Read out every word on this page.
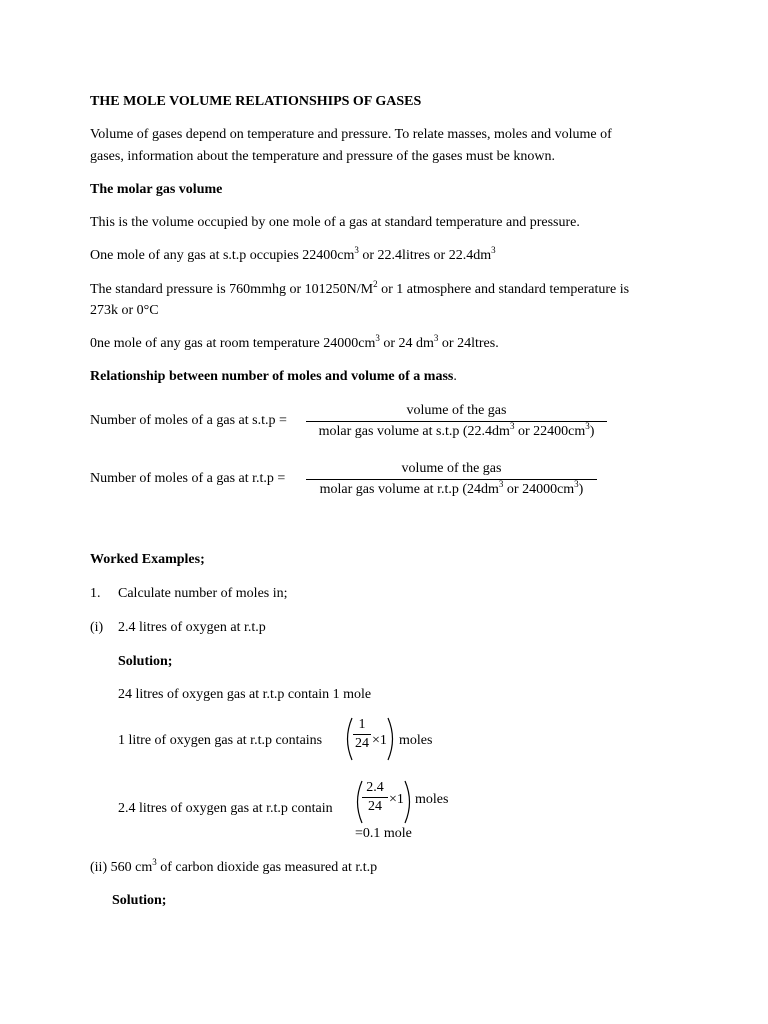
THE MOLE VOLUME RELATIONSHIPS OF GASES
Volume of gases depend on temperature and pressure. To relate masses, moles and volume of
gases, information about the temperature and pressure of the gases must be known.
The molar gas volume
This is the volume occupied by one mole of a gas at standard temperature and pressure.
One mole of any gas at s.t.p occupies $22400cm^3$ or 22.4litres or $22.4dm^3$
The standard pressure is 760mmhg or $101250N/M^2$ or 1 atmosphere and standard temperature is
273k or 0°C
0ne mole of any gas at room temperature $24000cm^3$ or 24 $dm^3$ or 24ltres.
Relationship between number of moles and volume of a mass.
Number of moles of a gas at s.t.p =
volume of the gas
molar gas volume at s.t.p ($22.4dm^3$ or $22400cm^3$)
Number of moles of a gas at r.t.p =
volume of the gas
molar gas volume at r.t.p ($24dm^3$ or $24000cm^3$)
Worked Examples;
1. Calculate number of moles in;
(i) 2.4 litres of oxygen at r.t.p
Solution;
24 litres of oxygen gas at r.t.p contain 1 mole
1 litre of oxygen gas at r.t.p contains
1
24 ×1 moles
2.4 litres of oxygen gas at r.t.p contain
2.4
24 ×1 moles
=0.1 mole
(ii) 560 $cm^3$ of carbon dioxide gas measured at r.t.p
Solution;
